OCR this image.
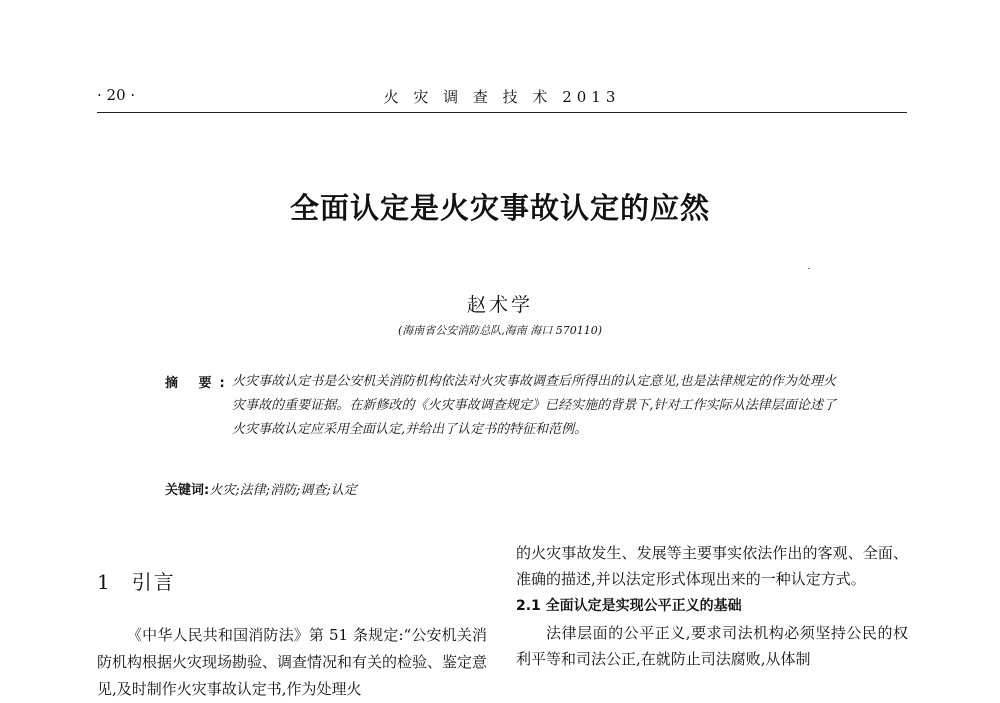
· 20 ·	火 灾 调 查 技 术 2013
全面认定是火灾事故认定的应然
赵术学
(海南省公安消防总队,海南 海口 570110)
摘 要: 火灾事故认定书是公安机关消防机构依法对火灾事故调查后所得出的认定意见,也是法律规定的作为处理火灾事故的重要证据。在新修改的《火灾事故调查规定》已经实施的背景下,针对工作实际从法律层面论述了火灾事故认定应采用全面认定,并给出了认定书的特征和范例。
关键词:火灾;法律;消防;调查;认定
1 引言

《中华人民共和国消防法》第 51 条规定:“公安机关消防机构根据火灾现场勘验、调查情况和有关的检验、鉴定意见,及时制作火灾事故认定书,作为处理火

的火灾事故发生、发展等主要事实依法作出的客观、全面、准确的描述,并以法定形式体现出来的一种认定方式。

2.1 全面认定是实现公平正义的基础

法律层面的公平正义,要求司法机构必须坚持公民的权利平等和司法公正,在就防止司法腐败,从体制
